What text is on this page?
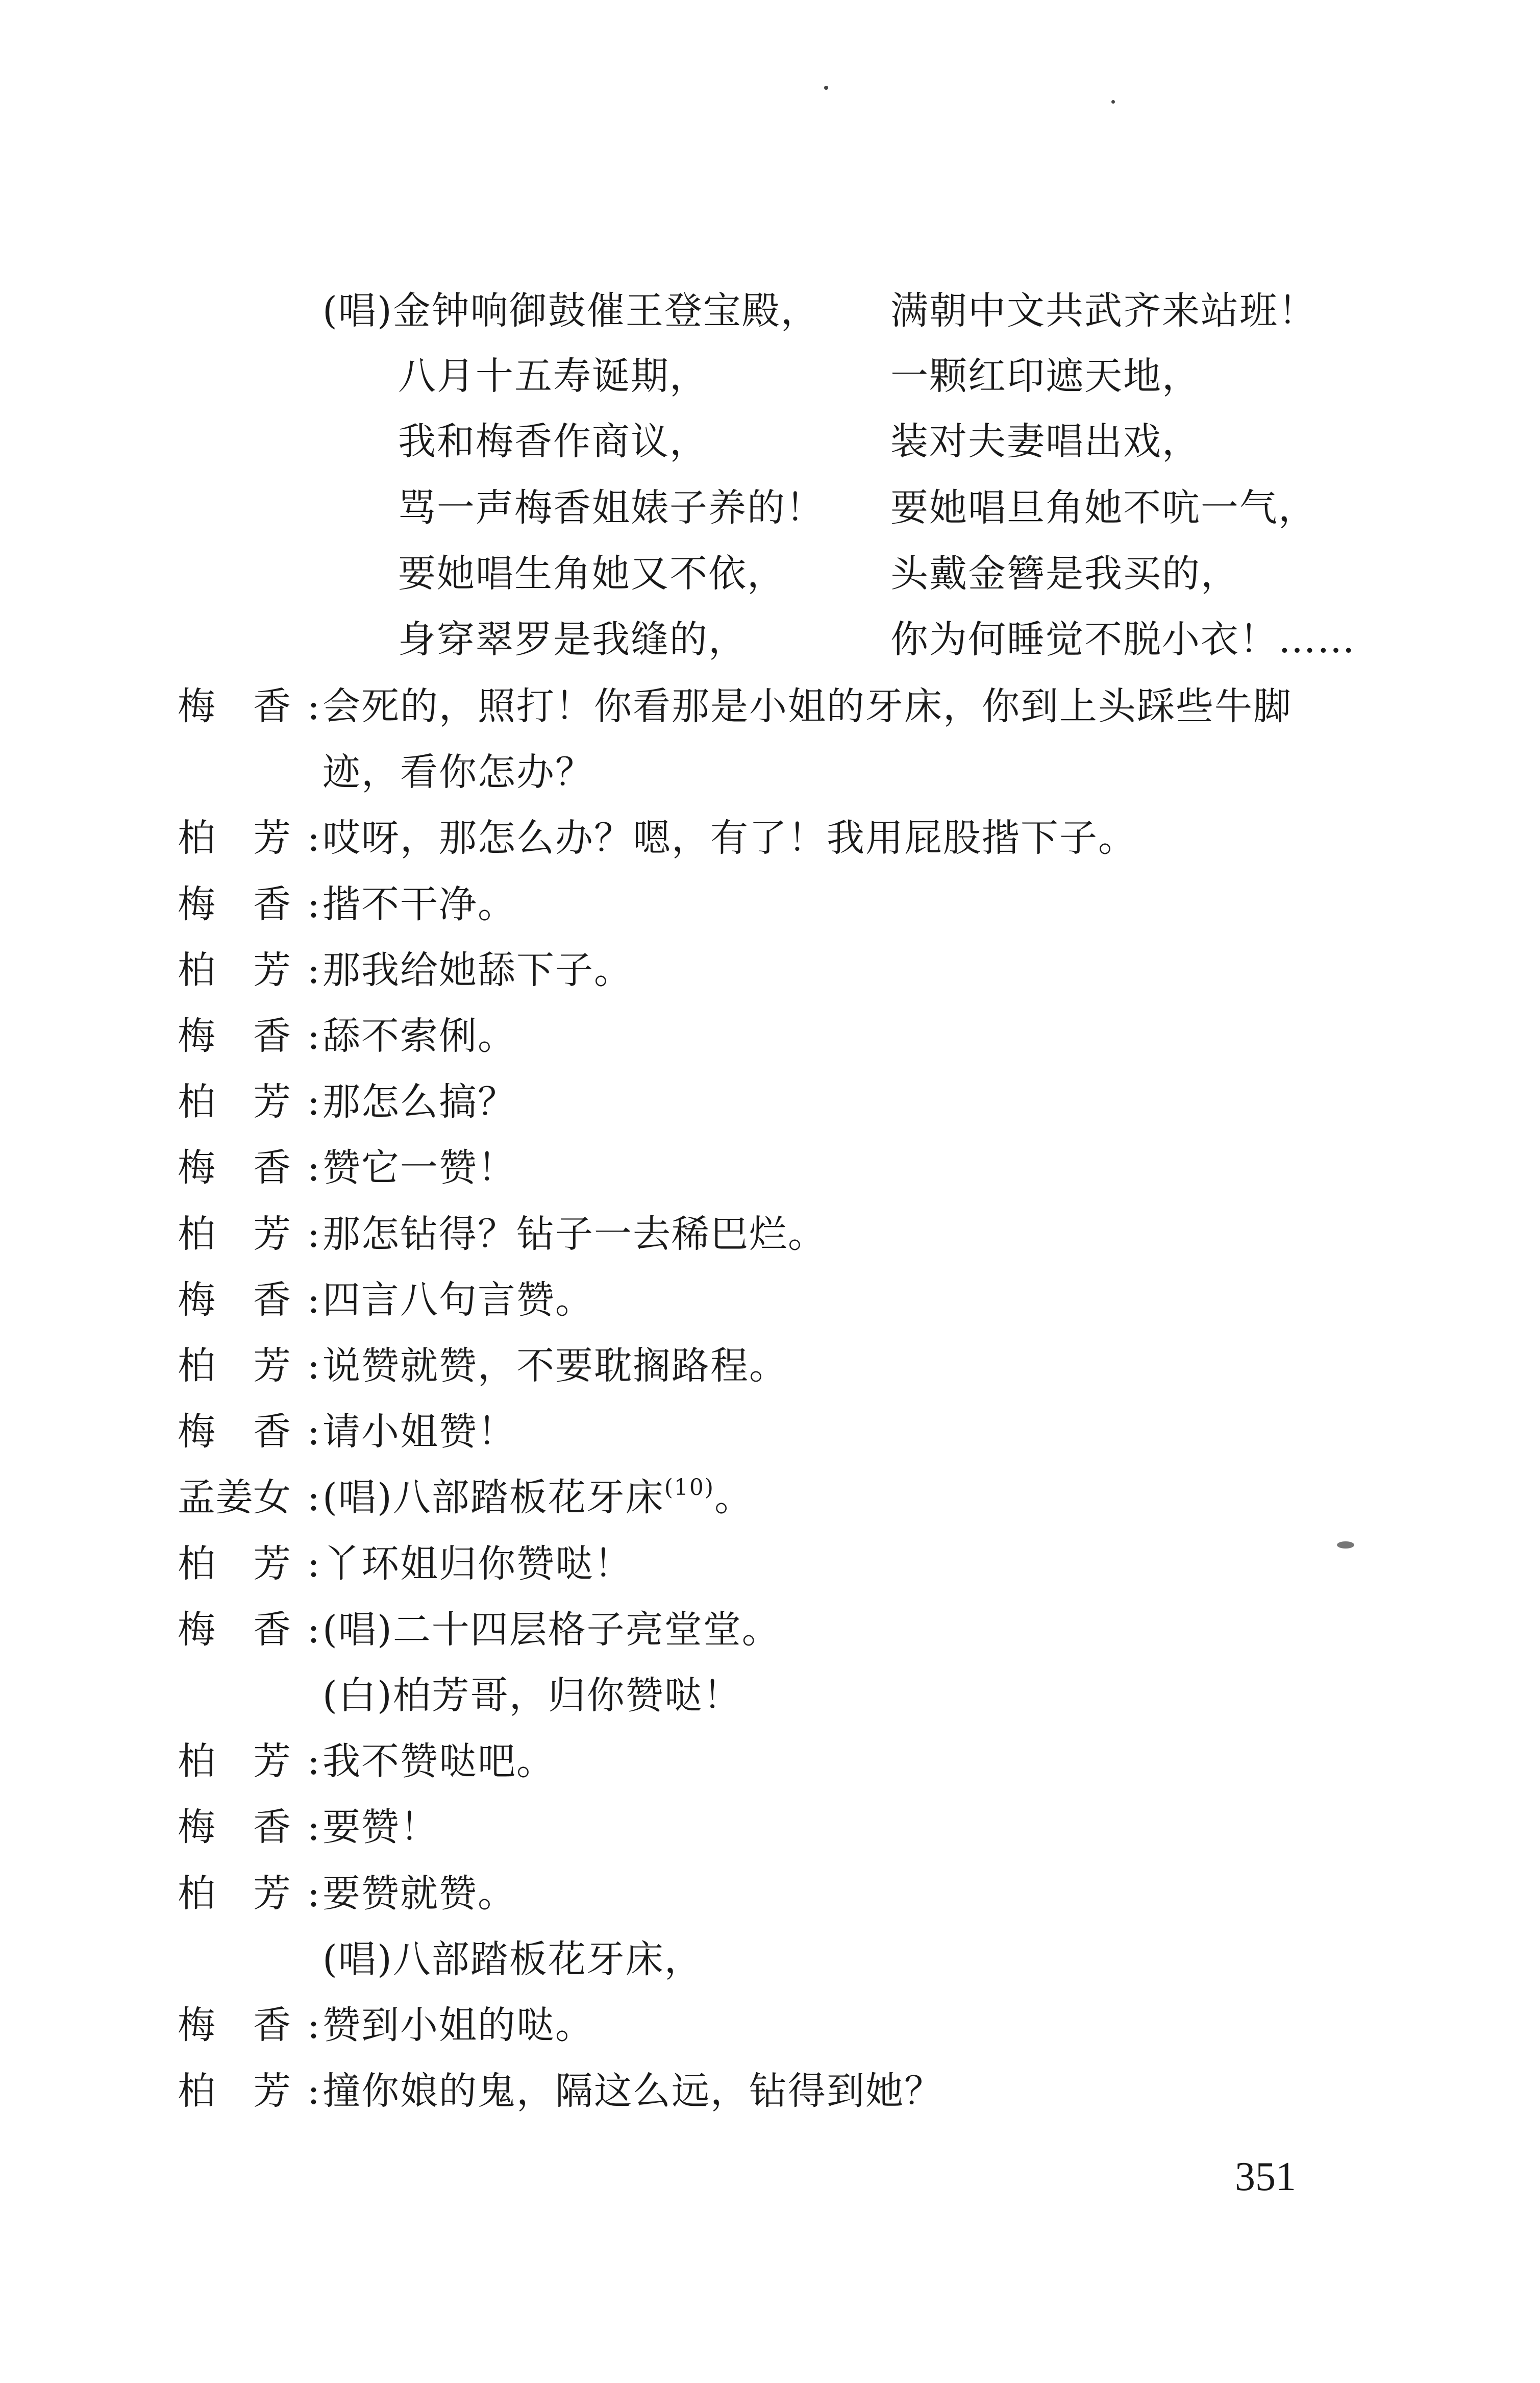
(唱)金钟响御鼓催王登宝殿， 满朝中文共武齐来站班！
八月十五寿诞期，	一颗红印遮天地，
我和梅香作商议，	装对夫妻唱出戏，
骂一声梅香姐婊子养的！ 要她唱旦角她不吭一气，
要她唱生角她又不依，	头戴金簪是我买的，
身穿翠罗是我缝的，	你为何睡觉不脱小衣！……
梅　香 : 会死的，照打！你看那是小姐的牙床，你到上头踩些牛脚
迹，看你怎办？
柏　芳 : 哎呀，那怎么办？嗯，有了！我用屁股揩下子。
梅　香 : 揩不干净。
柏　芳 : 那我给她舔下子。
梅　香 : 舔不索俐。
柏　芳 : 那怎么搞？
梅　香 : 赞它一赞！
柏　芳 : 那怎钻得？钻子一去稀巴烂。
梅　香 : 四言八句言赞。
柏　芳 : 说赞就赞，不要耽搁路程。
梅　香 : 请小姐赞！
孟姜女 : (唱)八部踏板花牙床$^{(10)}$。
柏　芳 : 丫环姐归你赞哒！
梅　香 : (唱)二十四层格子亮堂堂。
(白)柏芳哥，归你赞哒！
柏　芳 : 我不赞哒吧。
梅　香 : 要赞！
柏　芳 : 要赞就赞。
(唱)八部踏板花牙床，
梅　香 : 赞到小姐的哒。
柏　芳 : 撞你娘的鬼，隔这么远，钻得到她？
351
